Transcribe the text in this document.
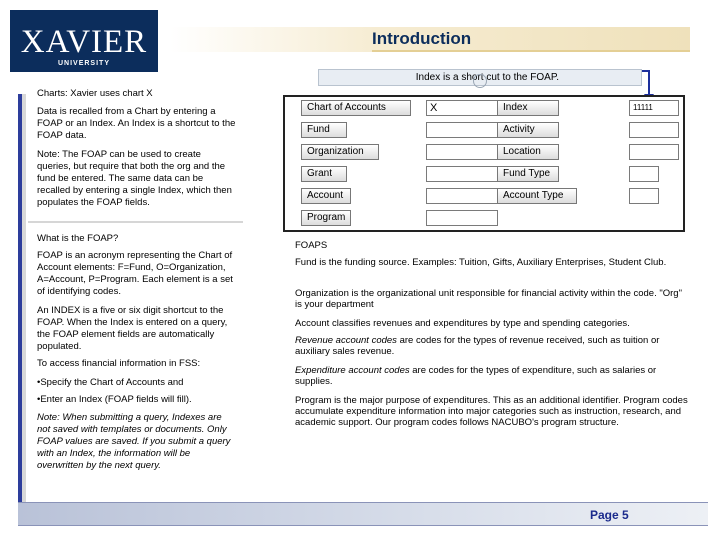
XAVIER
UNIVERSITY
Introduction
Index is a short cut to the FOAP.
Charts: Xavier uses chart X
Data is recalled from a Chart by entering a FOAP or an Index. An Index is a shortcut to the FOAP data.
Note: The FOAP can be used to create queries, but require that both the org and the fund be entered. The same data can be recalled by entering a single Index, which then populates the FOAP fields.
What is the FOAP?
FOAP is an acronym representing the Chart of Account elements: F=Fund, O=Organization, A=Account, P=Program. Each element is a set of identifying codes.
An INDEX is a five or six digit shortcut to the FOAP. When the Index is entered on a query, the FOAP element fields are automatically populated.
To access financial information in FSS:
•Specify the Chart of Accounts and
•Enter an Index (FOAP fields will fill).
Note: When submitting a query, Indexes are not saved with templates or documents. Only FOAP values are saved. If you submit a query with an Index, the information will be overwritten by the next query.
Chart of Accounts	X	Index	11111
Fund	Activity
Organization	Location
Grant	Fund Type
Account	Account Type
Program
FOAPS
Fund is the funding source. Examples: Tuition, Gifts, Auxiliary Enterprises, Student Club.
Organization is the organizational unit responsible for financial activity within the code. "Org" is your department
Account classifies revenues and expenditures by type and spending categories.
Revenue account codes are codes for the types of revenue received, such as tuition or auxiliary sales revenue.
Expenditure account codes are codes for the types of expenditure, such as salaries or supplies.
Program is the major purpose of expenditures. This as an additional identifier. Program codes accumulate expenditure information into major categories such as instruction, research, and academic support. Our program codes follows NACUBO's program structure.
Page 5
